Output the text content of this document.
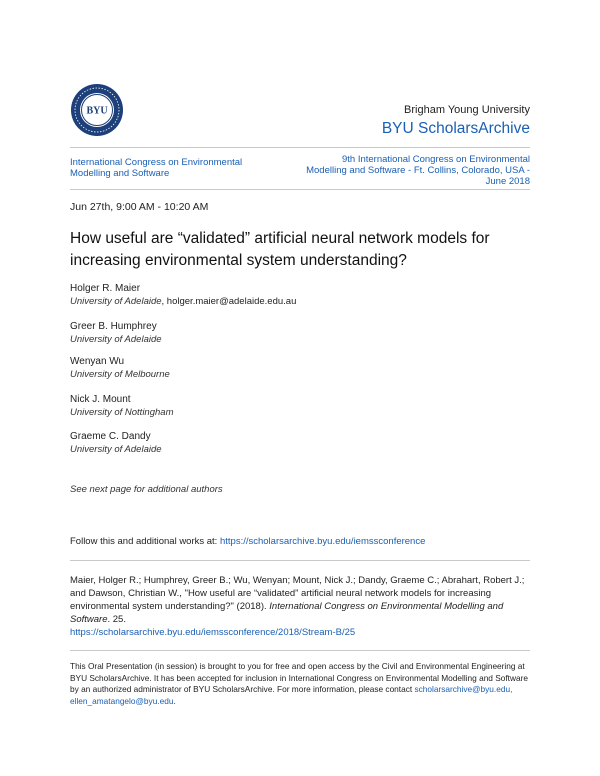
BYU	Brigham Young University
BYU ScholarsArchive
International Congress on Environmental Modelling and Software
9th International Congress on Environmental Modelling and Software - Ft. Collins, Colorado, USA - June 2018
Jun 27th, 9:00 AM - 10:20 AM
How useful are “validated” artificial neural network models for increasing environmental system understanding?
Holger R. Maier
University of Adelaide, holger.maier@adelaide.edu.au
Greer B. Humphrey
University of Adelaide
Wenyan Wu
University of Melbourne
Nick J. Mount
University of Nottingham
Graeme C. Dandy
University of Adelaide
See next page for additional authors
Follow this and additional works at: https://scholarsarchive.byu.edu/iemssconference
Maier, Holger R.; Humphrey, Greer B.; Wu, Wenyan; Mount, Nick J.; Dandy, Graeme C.; Abrahart, Robert J.; and Dawson, Christian W., "How useful are “validated” artificial neural network models for increasing environmental system understanding?" (2018). International Congress on Environmental Modelling and Software. 25.
https://scholarsarchive.byu.edu/iemssconference/2018/Stream-B/25
This Oral Presentation (in session) is brought to you for free and open access by the Civil and Environmental Engineering at BYU ScholarsArchive. It has been accepted for inclusion in International Congress on Environmental Modelling and Software by an authorized administrator of BYU ScholarsArchive. For more information, please contact scholarsarchive@byu.edu, ellen_amatangelo@byu.edu.
